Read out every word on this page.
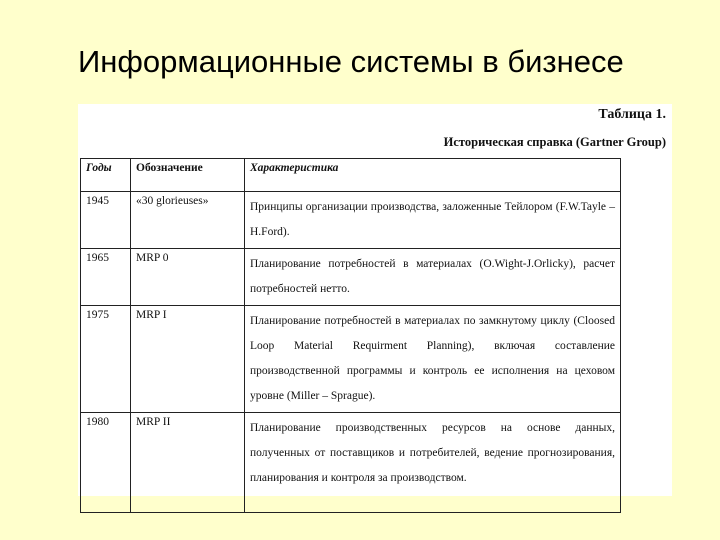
Информационные системы в бизнесе
Таблица 1.
Историческая справка (Gartner Group)
Годы	Обозначение	Характеристика
1945	«30 glorieuses»	Принципы организации производства, заложенные Тейлором (F.W.Tayle – H.Ford).
1965	MRP 0	Планирование потребностей в материалах (O.Wight-J.Orlicky), расчет потребностей нетто.
1975	MRP I	Планирование потребностей в материалах по замкнутому циклу (Cloosed Loop Material Requirment Planning), включая составление производственной программы и контроль ее исполнения на цеховом уровне (Miller – Sprague).
1980	MRP II	Планирование производственных ресурсов на основе данных, полученных от поставщиков и потребителей, ведение прогнозирования, планирования и контроля за производством.
